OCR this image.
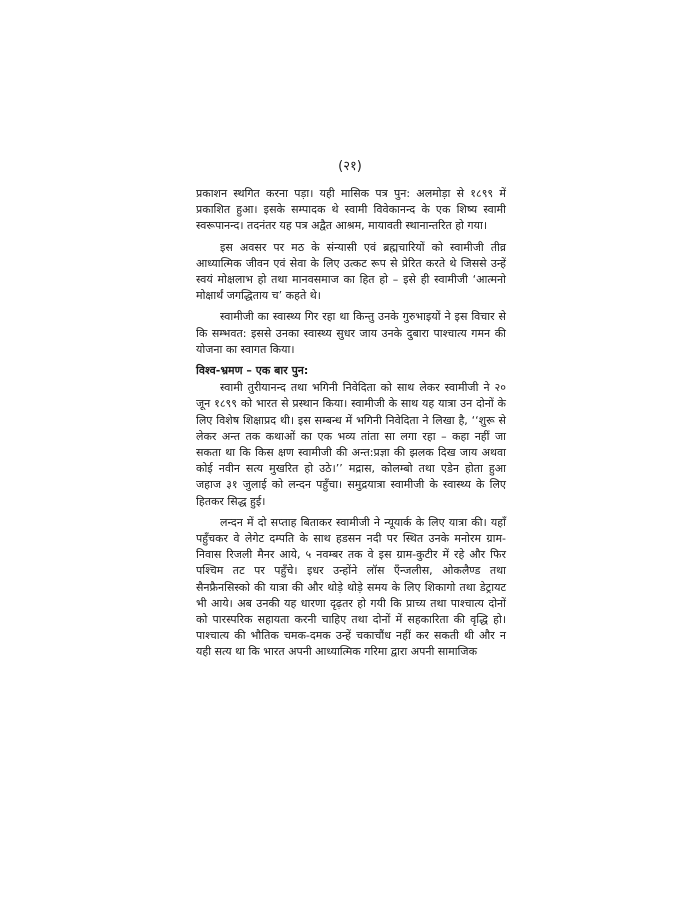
(२१)

प्रकाशन स्थगित करना पड़ा। यही मासिक पत्र पुन: अलमोड़ा से १८९९ में प्रकाशित हुआ। इसके सम्पादक थे स्वामी विवेकानन्द के एक शिष्य स्वामी स्वरूपानन्द। तदनंतर यह पत्र अद्वैत आश्रम, मायावती स्थानान्तरित हो गया।

इस अवसर पर मठ के संन्यासी एवं ब्रह्मचारियों को स्वामीजी तीव्र आध्यात्मिक जीवन एवं सेवा के लिए उत्कट रूप से प्रेरित करते थे जिससे उन्हें स्वयं मोक्षलाभ हो तथा मानवसमाज का हित हो – इसे ही स्वामीजी ‘आत्मनो मोक्षार्थं जगद्धिताय च’ कहते थे।

स्वामीजी का स्वास्थ्य गिर रहा था किन्तु उनके गुरुभाइयों ने इस विचार से कि सम्भवत: इससे उनका स्वास्थ्य सुधर जाय उनके दुबारा पाश्चात्य गमन की योजना का स्वागत किया।

विश्व-भ्रमण – एक बार पुन:

स्वामी तुरीयानन्द तथा भगिनी निवेदिता को साथ लेकर स्वामीजी ने २० जून १८९९ को भारत से प्रस्थान किया। स्वामीजी के साथ यह यात्रा उन दोनों के लिए विशेष शिक्षाप्रद थी। इस सम्बन्ध में भगिनी निवेदिता ने लिखा है, ‘‘शुरू से लेकर अन्त तक कथाओं का एक भव्य तांता सा लगा रहा – कहा नहीं जा सकता था कि किस क्षण स्वामीजी की अन्त:प्रज्ञा की झलक दिख जाय अथवा कोई नवीन सत्य मुखरित हो उठे।’’ मद्रास, कोलम्बो तथा एडेन होता हुआ जहाज ३१ जुलाई को लन्दन पहुँचा। समुद्रयात्रा स्वामीजी के स्वास्थ्य के लिए हितकर सिद्ध हुई।

लन्दन में दो सप्ताह बिताकर स्वामीजी ने न्यूयार्क के लिए यात्रा की। यहाँ पहुँचकर वे लेगेट दम्पति के साथ हडसन नदी पर स्थित उनके मनोरम ग्राम-निवास रिजली मैनर आये, ५ नवम्बर तक वे इस ग्राम-कुटीर में रहे और फिर पश्चिम तट पर पहुँचे। इधर उन्होंने लॉस एँन्जलीस, ओकलैण्ड तथा सैनफ्रैनसिस्को की यात्रा की और थोड़े थोड़े समय के लिए शिकागो तथा डेट्रायट भी आये। अब उनकी यह धारणा दृढ़तर हो गयी कि प्राच्य तथा पाश्चात्य दोनों को पारस्परिक सहायता करनी चाहिए तथा दोनों में सहकारिता की वृद्धि हो। पाश्चात्य की भौतिक चमक-दमक उन्हें चकाचौंध नहीं कर सकती थी और न यही सत्य था कि भारत अपनी आध्यात्मिक गरिमा द्वारा अपनी सामाजिक
